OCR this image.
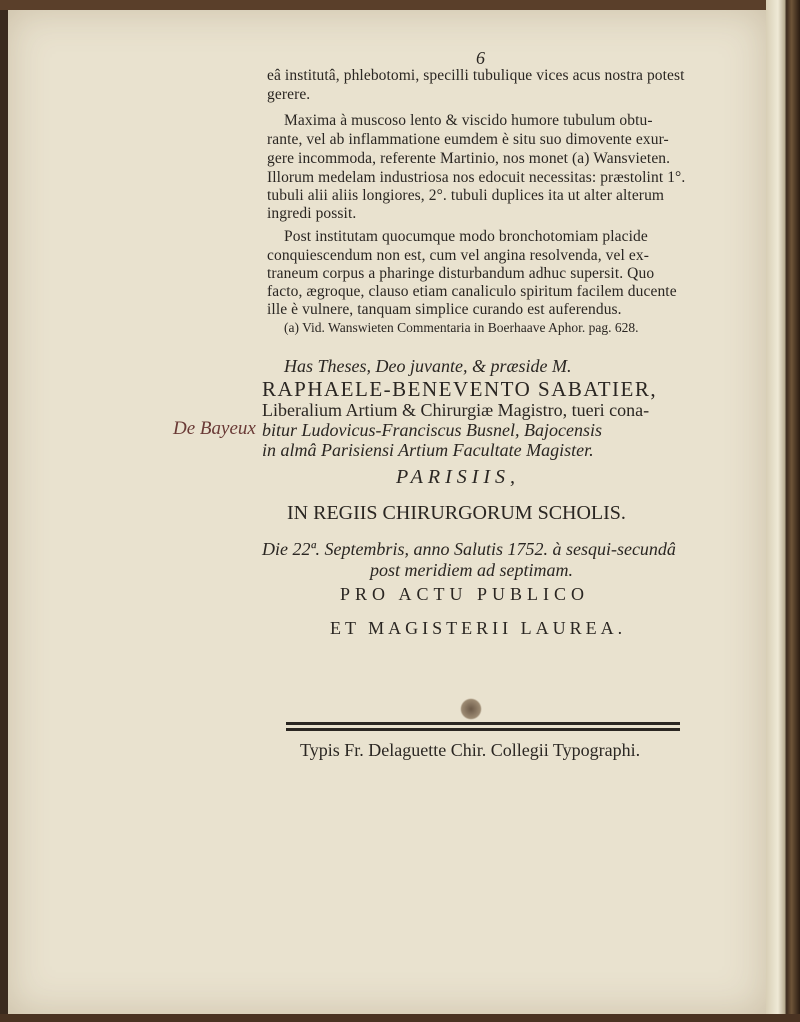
6
eâ institutâ, phlebotomi, specilli tubulique vices acus nostra potest
gerere.
Maxima à muscoso lento & viscido humore tubulum obtu-
rante, vel ab inflammatione eumdem è situ suo dimovente exur-
gere incommoda, referente Martinio, nos monet (a) Wansvieten.
Illorum medelam industriosa nos edocuit necessitas: præstolint 1°.
tubuli alii aliis longiores, 2°. tubuli duplices ita ut alter alterum
ingredi possit.
Post institutam quocumque modo bronchotomiam placide
conquiescendum non est, cum vel angina resolvenda, vel ex-
traneum corpus a pharinge disturbandum adhuc supersit. Quo
facto, ægroque, clauso etiam canaliculo spiritum facilem ducente
ille è vulnere, tanquam simplice curando est auferendus.
(a) Vid. Wanswieten Commentaria in Boerhaave Aphor. pag. 628.
Has Theses, Deo juvante, & præside M.
RAPHAELE-BENEVENTO SABATIER,
Liberalium Artium & Chirurgiæ Magistro, tueri cona-
De Bayeux bitur Ludovicus-Franciscus Busnel, Bajocensis
in almâ Parisiensi Artium Facultate Magister.
PARISIIS,
IN REGIIS CHIRURGORUM SCHOLIS.
Die 22ª. Septembris, anno Salutis 1752. à sesqui-secundâ
post meridiem ad septimam.
PRO ACTU PUBLICO
ET MAGISTERII LAUREA.
Typis Fr. Delaguette Chir. Collegii Typographi.
